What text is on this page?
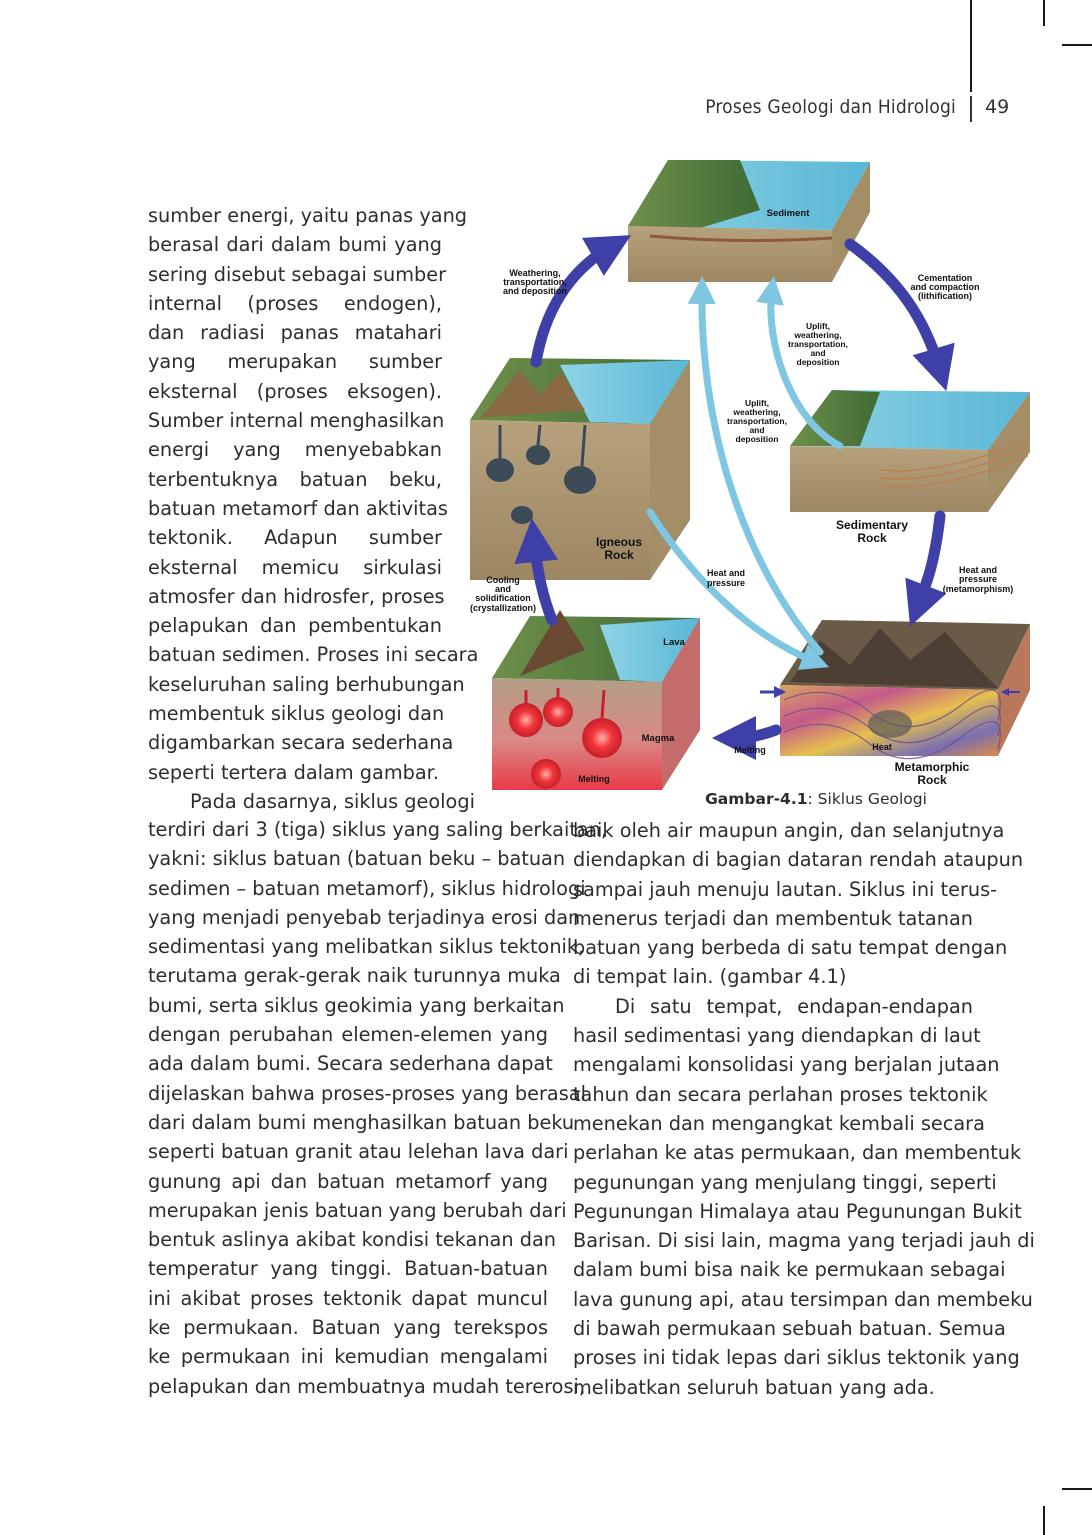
Proses Geologi dan Hidrologi 49
sumber energi, yaitu panas yang
berasal dari dalam bumi yang
sering disebut sebagai sumber
internal (proses endogen),
dan radiasi panas matahari
yang merupakan sumber
eksternal (proses eksogen).
Sumber internal menghasilkan
energi yang menyebabkan
terbentuknya batuan beku,
batuan metamorf dan aktivitas
tektonik. Adapun sumber
eksternal memicu sirkulasi
atmosfer dan hidrosfer, proses
pelapukan dan pembentukan
batuan sedimen. Proses ini secara
keseluruhan saling berhubungan
membentuk siklus geologi dan
digambarkan secara sederhana
seperti tertera dalam gambar.
Pada dasarnya, siklus geologi
terdiri dari 3 (tiga) siklus yang saling berkaitan,
yakni: siklus batuan (batuan beku – batuan
sedimen – batuan metamorf), siklus hidrologi
yang menjadi penyebab terjadinya erosi dan
sedimentasi yang melibatkan siklus tektonik,
terutama gerak-gerak naik turunnya muka
bumi, serta siklus geokimia yang berkaitan
dengan perubahan elemen-elemen yang
ada dalam bumi. Secara sederhana dapat
dijelaskan bahwa proses-proses yang berasal
dari dalam bumi menghasilkan batuan beku
seperti batuan granit atau lelehan lava dari
gunung api dan batuan metamorf yang
merupakan jenis batuan yang berubah dari
bentuk aslinya akibat kondisi tekanan dan
temperatur yang tinggi. Batuan-batuan
ini akibat proses tektonik dapat muncul
ke permukaan. Batuan yang terekspos
ke permukaan ini kemudian mengalami
pelapukan dan membuatnya mudah tererosi,
baik oleh air maupun angin, dan selanjutnya
diendapkan di bagian dataran rendah ataupun
sampai jauh menuju lautan. Siklus ini terus-
menerus terjadi dan membentuk tatanan
batuan yang berbeda di satu tempat dengan
di tempat lain. (gambar 4.1)
Di satu tempat, endapan-endapan
hasil sedimentasi yang diendapkan di laut
mengalami konsolidasi yang berjalan jutaan
tahun dan secara perlahan proses tektonik
menekan dan mengangkat kembali secara
perlahan ke atas permukaan, dan membentuk
pegunungan yang menjulang tinggi, seperti
Pegunungan Himalaya atau Pegunungan Bukit
Barisan. Di sisi lain, magma yang terjadi jauh di
dalam bumi bisa naik ke permukaan sebagai
lava gunung api, atau tersimpan dan membeku
di bawah permukaan sebuah batuan. Semua
proses ini tidak lepas dari siklus tektonik yang
melibatkan seluruh batuan yang ada.
Sediment
Weathering,
transportation,
and deposition
Cementation
and compaction
(lithification)
Uplift,
weathering,
transportation,
and
deposition
Uplift,
weathering,
transportation,
and
deposition
Sedimentary
Rock
Igneous
Rock
Heat and
pressure
Heat and
pressure
(metamorphism)
Cooling
and
solidification
(crystallization)
Lava
Magma
Melting
Melting
Heat
Metamorphic
Rock
Gambar-4.1: Siklus Geologi
